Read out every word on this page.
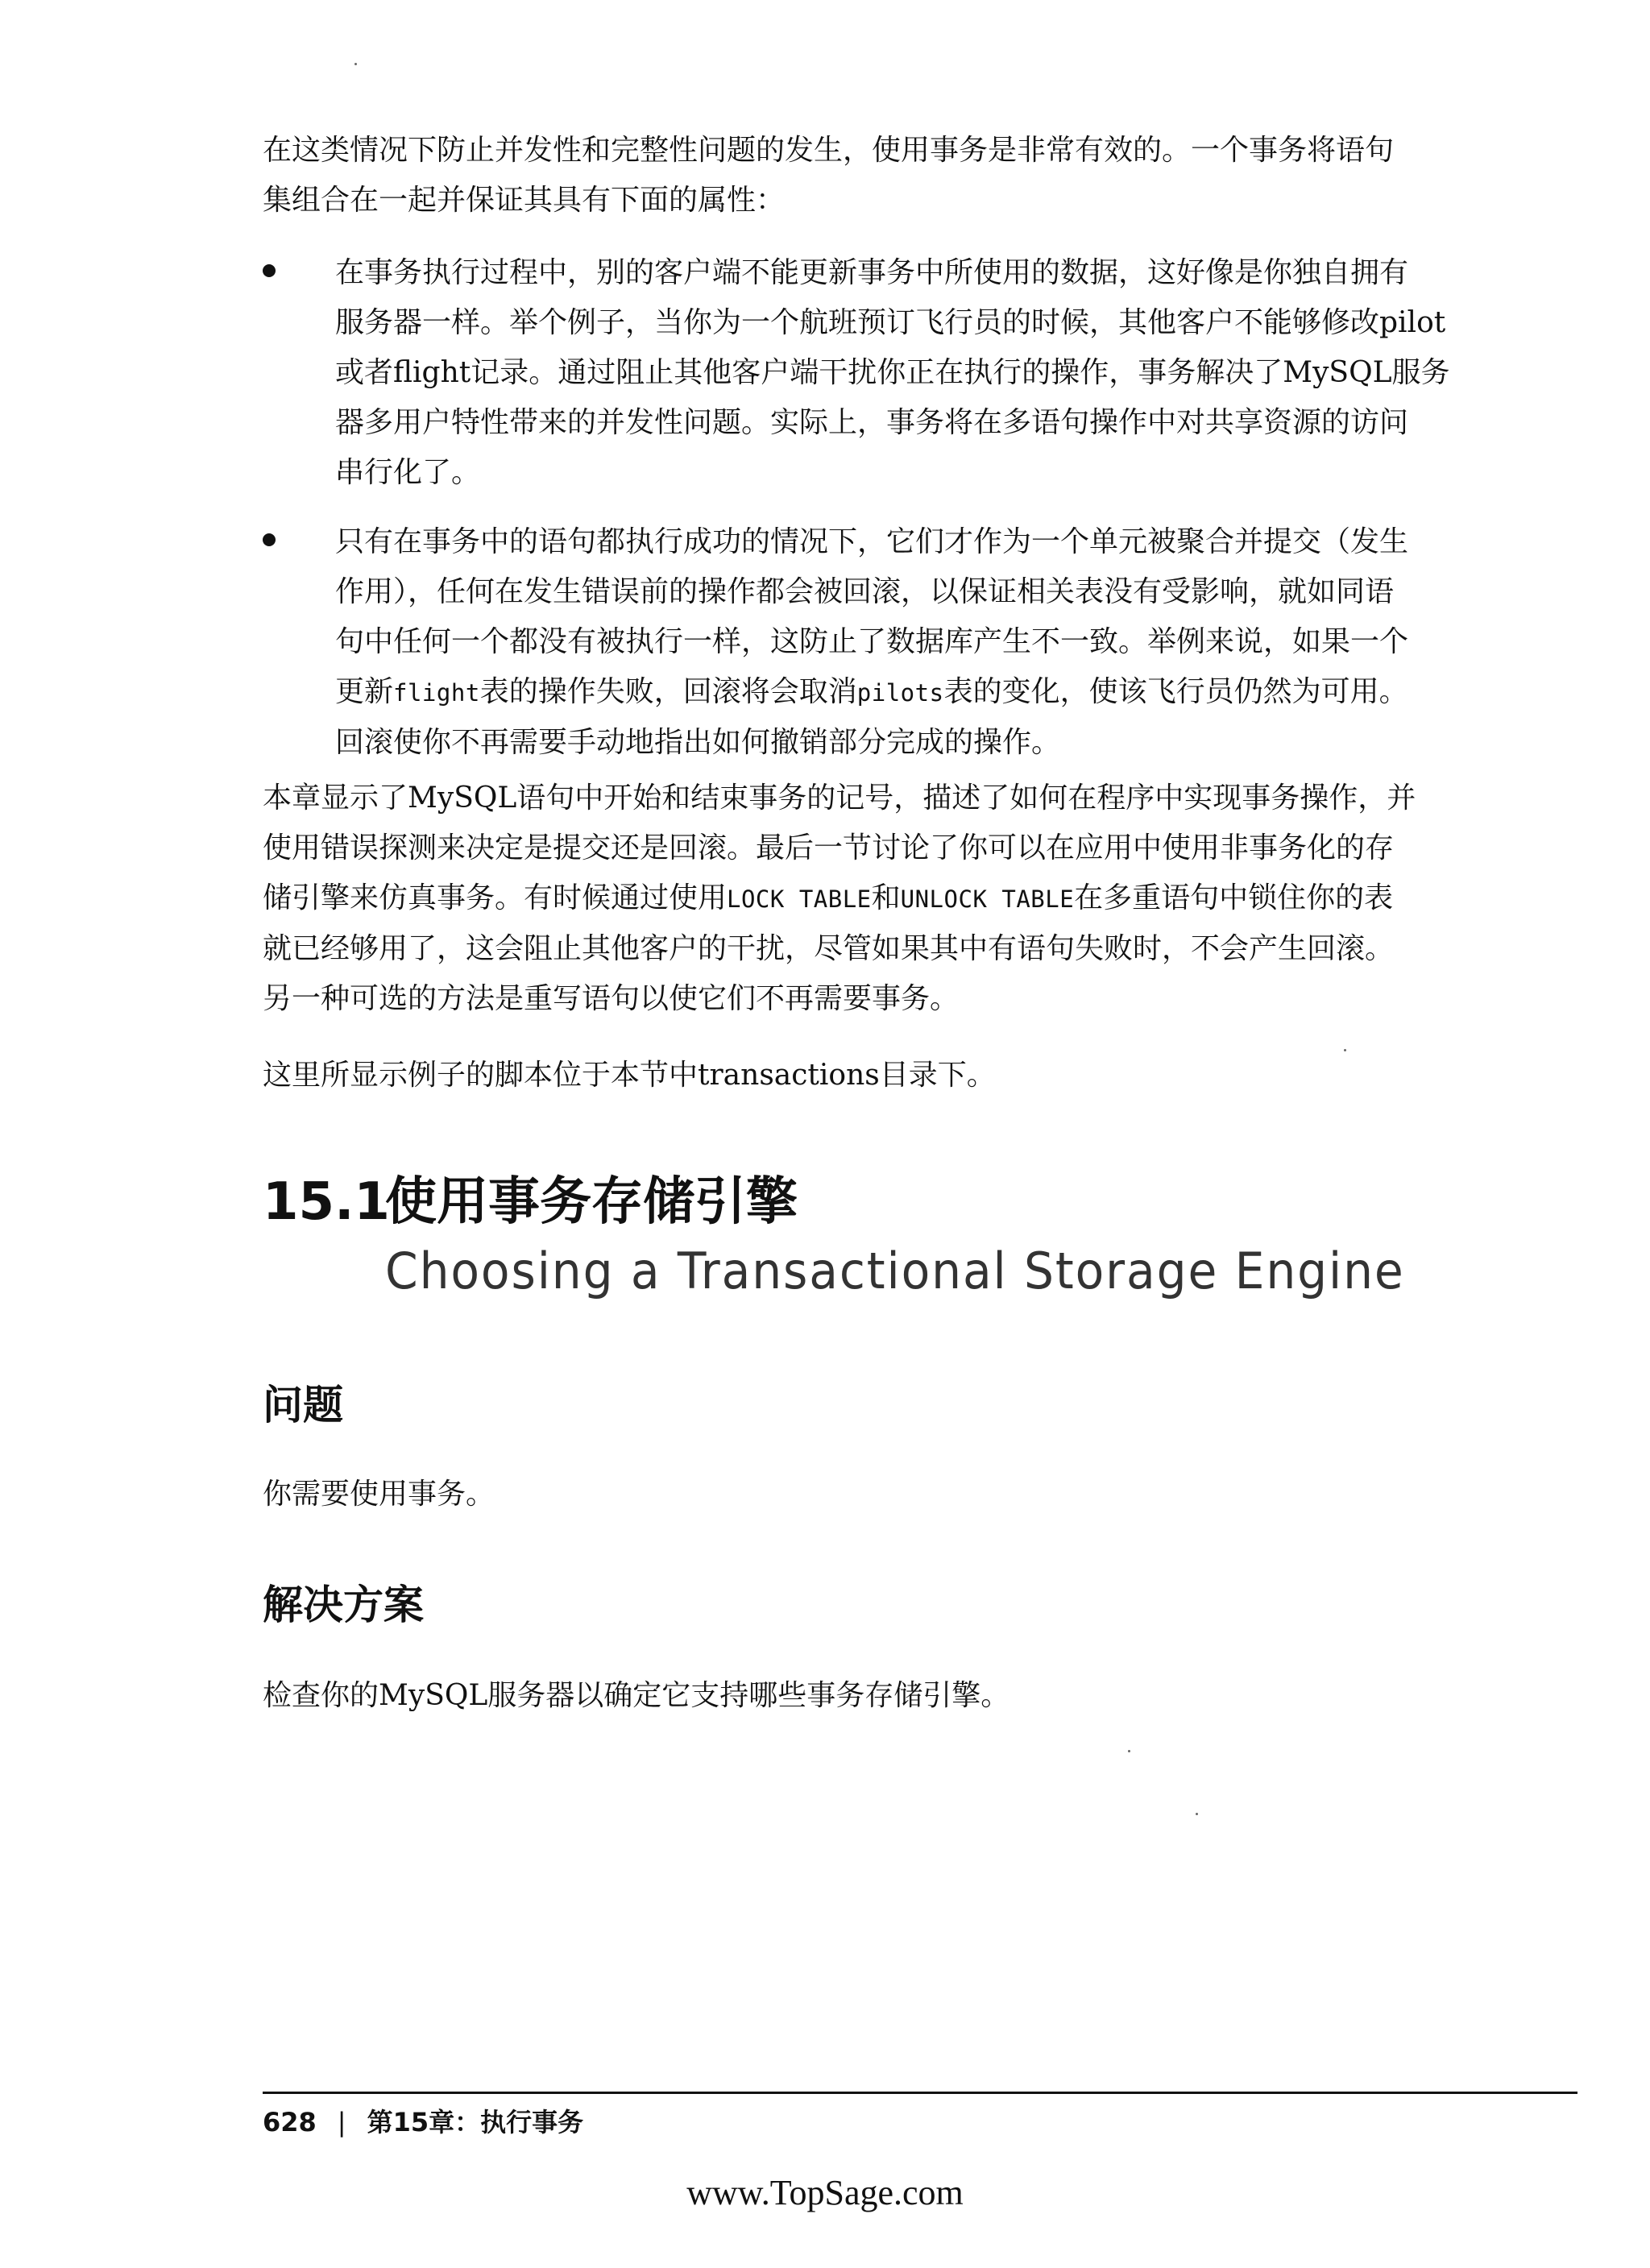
在这类情况下防止并发性和完整性问题的发生，使用事务是非常有效的。一个事务将语句
集组合在一起并保证其具有下面的属性：

在事务执行过程中，别的客户端不能更新事务中所使用的数据，这好像是你独自拥有
服务器一样。举个例子，当你为一个航班预订飞行员的时候，其他客户不能够修改pilot
或者flight记录。通过阻止其他客户端干扰你正在执行的操作，事务解决了MySQL服务
器多用户特性带来的并发性问题。实际上，事务将在多语句操作中对共享资源的访问
串行化了。
只有在事务中的语句都执行成功的情况下，它们才作为一个单元被聚合并提交（发生
作用），任何在发生错误前的操作都会被回滚，以保证相关表没有受影响，就如同语
句中任何一个都没有被执行一样，这防止了数据库产生不一致。举例来说，如果一个
更新flight表的操作失败，回滚将会取消pilots表的变化，使该飞行员仍然为可用。
回滚使你不再需要手动地指出如何撤销部分完成的操作。

本章显示了MySQL语句中开始和结束事务的记号，描述了如何在程序中实现事务操作，并
使用错误探测来决定是提交还是回滚。最后一节讨论了你可以在应用中使用非事务化的存
储引擎来仿真事务。有时候通过使用LOCK TABLE和UNLOCK TABLE在多重语句中锁住你的表
就已经够用了，这会阻止其他客户的干扰，尽管如果其中有语句失败时，不会产生回滚。
另一种可选的方法是重写语句以使它们不再需要事务。

这里所显示例子的脚本位于本节中transactions目录下。

15.1
使用事务存储引擎
Choosing a Transactional Storage Engine
问题

你需要使用事务。

解决方案

检查你的MySQL服务器以确定它支持哪些事务存储引擎。

628 | 第15章：执行事务
www.TopSage.com
